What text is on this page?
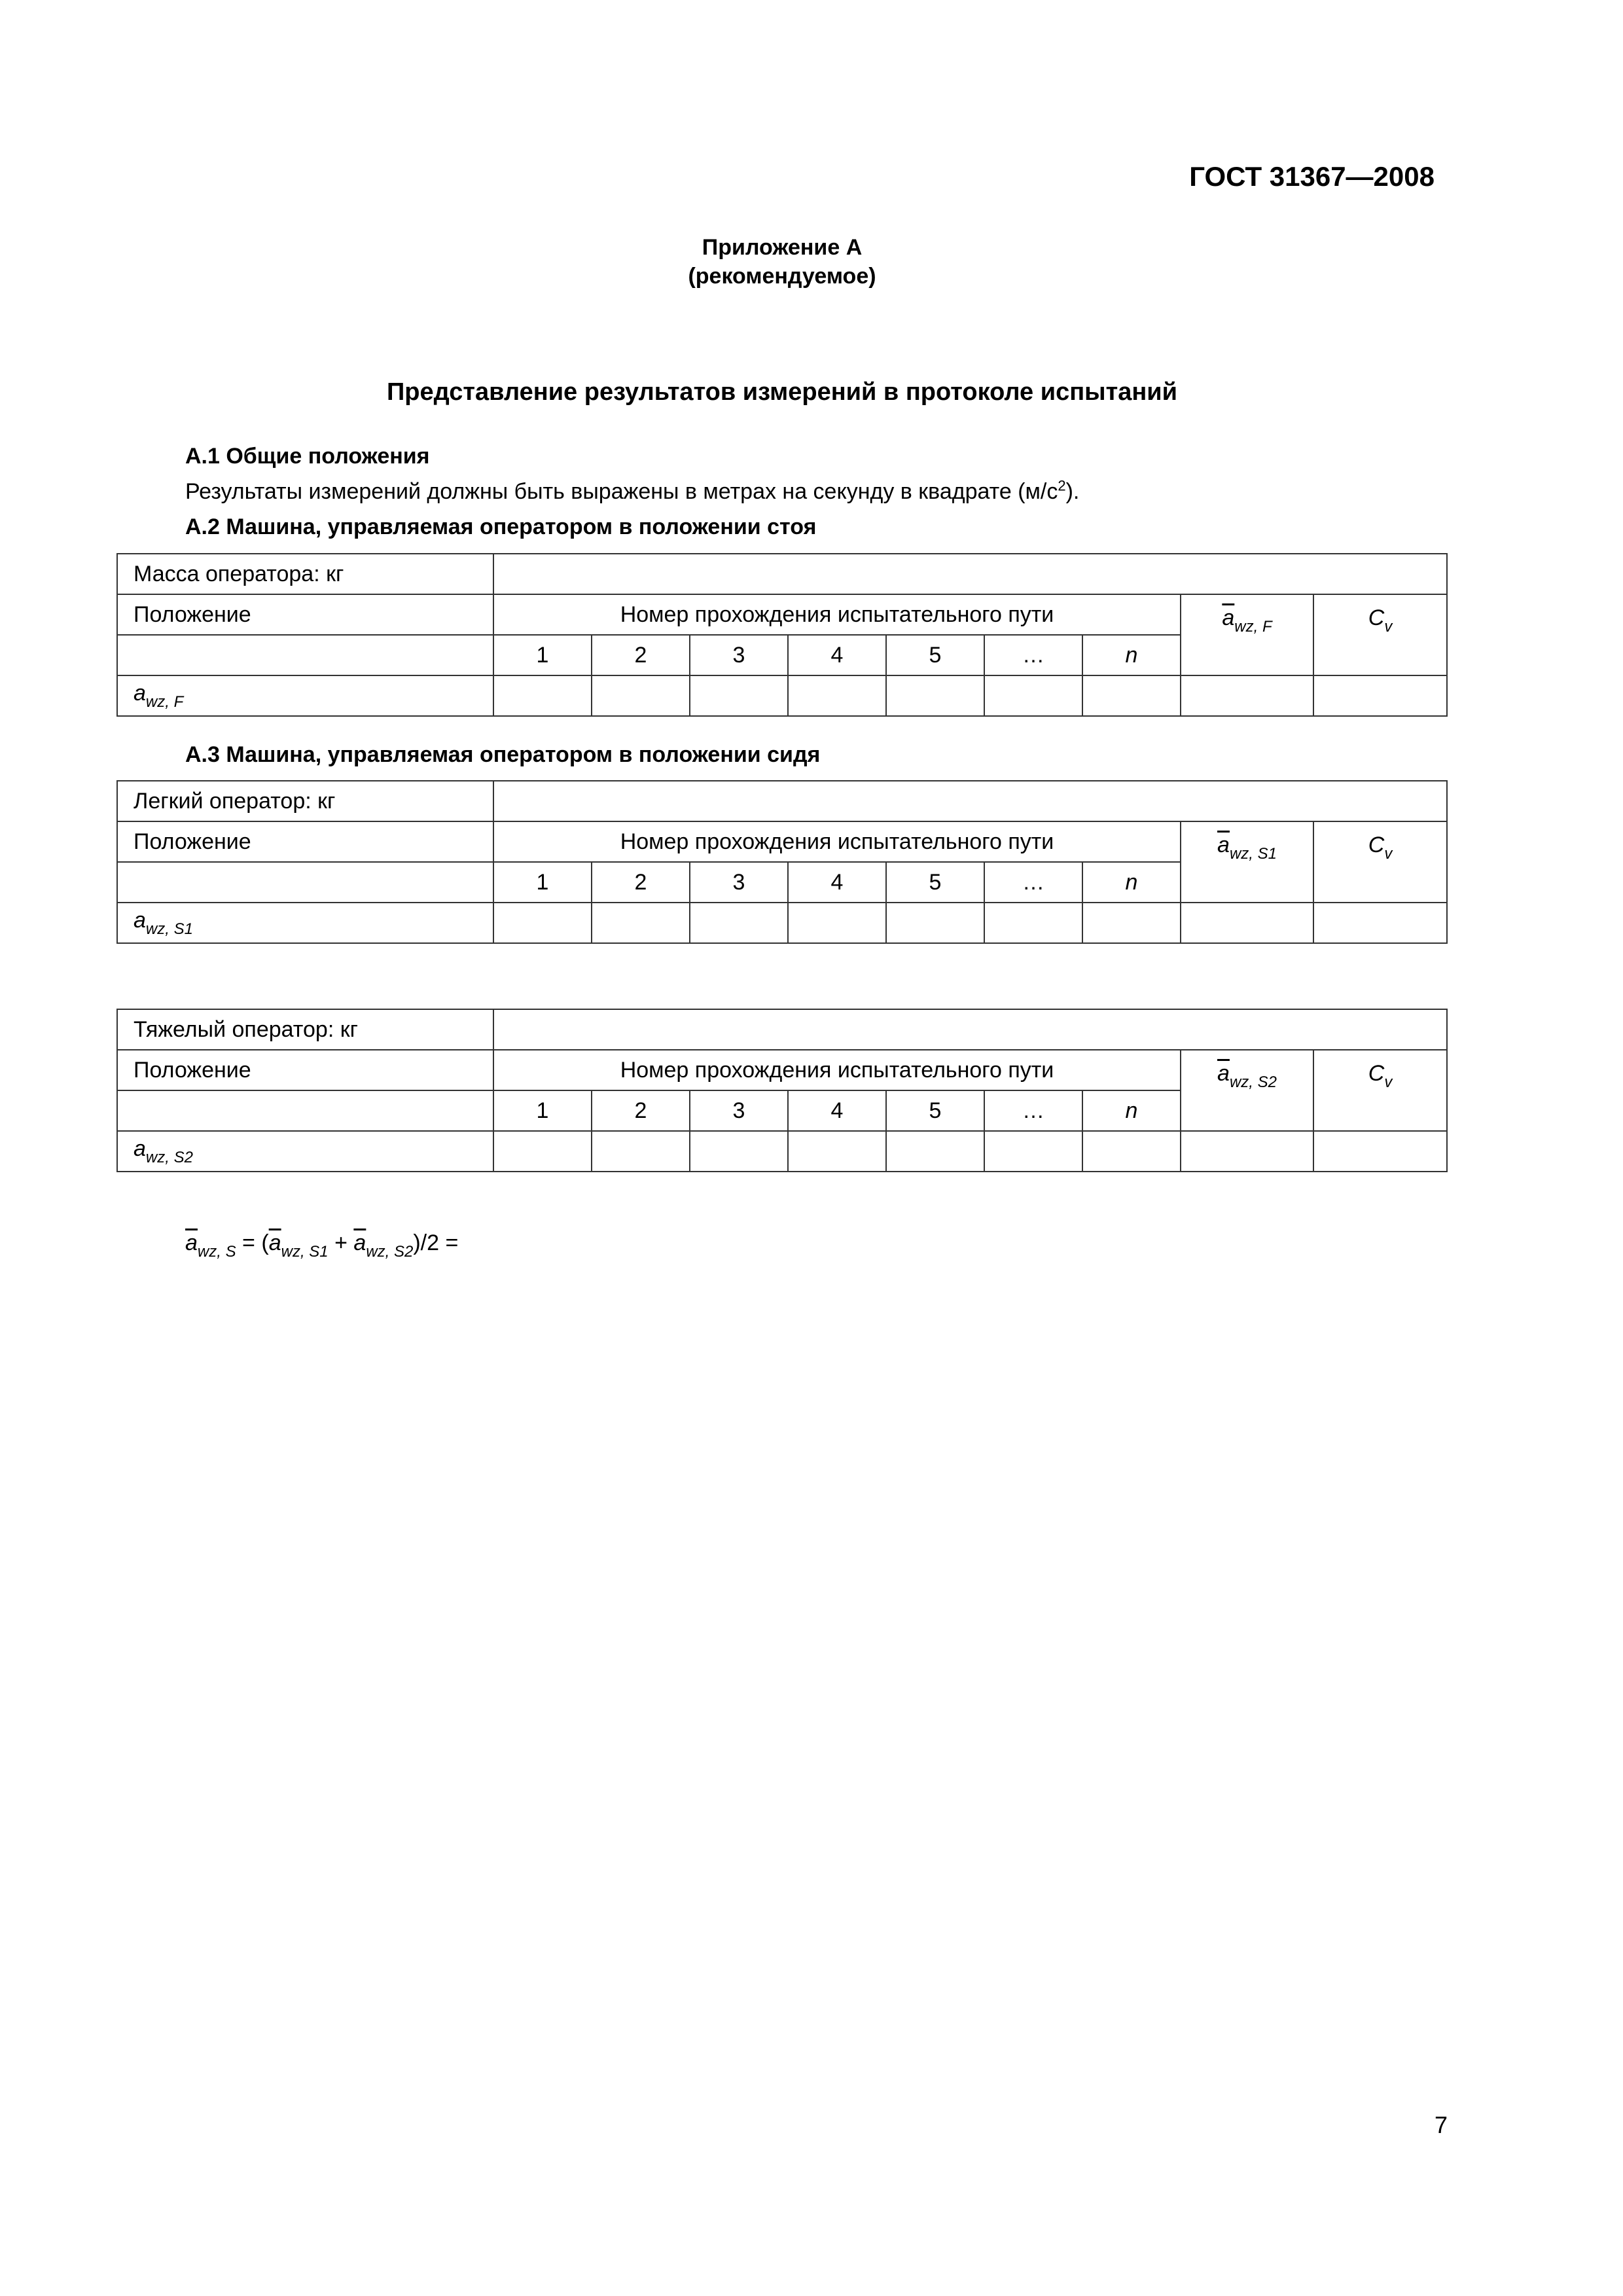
ГОСТ 31367—2008
Приложение А
(рекомендуемое)
Представление результатов измерений в протоколе испытаний
А.1 Общие положения
Результаты измерений должны быть выражены в метрах на секунду в квадрате $(м/с^2)$.
А.2 Машина, управляемая оператором в положении стоя
Масса оператора: кг									
Положение	Номер прохождения испытательного пути							$\overline{a}_{wz, F}$	$C_v$
	1	2	3	4	5	…	n		
$a_{wz, F}$									
А.3 Машина, управляемая оператором в положении сидя
Легкий оператор: кг									
Положение	Номер прохождения испытательного пути							$\overline{a}_{wz, S1}$	$C_v$
	1	2	3	4	5	…	n		
$a_{wz, S1}$									
Тяжелый оператор: кг									
Положение	Номер прохождения испытательного пути							$\overline{a}_{wz, S2}$	$C_v$
	1	2	3	4	5	…	n		
$a_{wz, S2}$									
$\overline{a}_{wz, S} = (\overline{a}_{wz, S1} + \overline{a}_{wz, S2})/2$ =
7
